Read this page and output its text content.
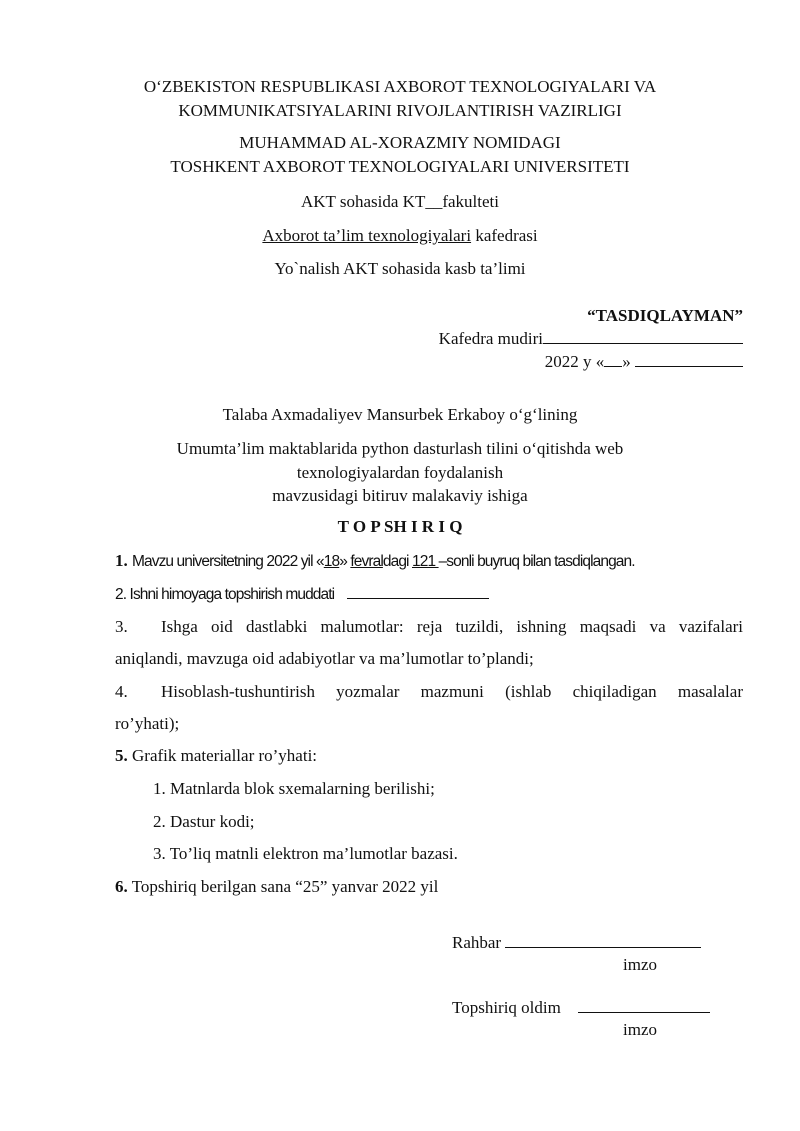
O‘ZBEKISTON RESPUBLIKASI AXBOROT TEXNOLOGIYALARI VA
KOMMUNIKATSIYALARINI RIVOJLANTIRISH VAZIRLIGI
MUHAMMAD AL-XORAZMIY NOMIDAGI
TOSHKENT AXBOROT TEXNOLOGIYALARI UNIVERSITETI
AKT sohasida KT__fakulteti
Axborot ta’lim texnologiyalari kafedrasi
Yo`nalish AKT sohasida kasb ta’limi
“TASDIQLAYMAN”
Kafedra mudiri
2022 y « »
Talaba Axmadaliyev Mansurbek Erkaboy o‘g‘lining
Umumta’lim maktablarida python dasturlash tilini o‘qitishda web
texnologiyalardan foydalanish
mavzusidagi bitiruv malakaviy ishiga
T O P SH I R I Q
1. Mavzu universitetning 2022 yil «18» fevraldagi 121 –sonli buyruq bilan tasdiqlangan.
2. Ishni himoyaga topshirish muddati
3. Ishga oid dastlabki malumotlar: reja tuzildi, ishning maqsadi va vazifalari
aniqlandi, mavzuga oid adabiyotlar va ma’lumotlar to’plandi;
4. Hisoblash-tushuntirish yozmalar mazmuni (ishlab chiqiladigan masalalar
ro’yhati);
5. Grafik materiallar ro’yhati:
1. Matnlarda blok sxemalarning berilishi;
2. Dastur kodi;
3. To’liq matnli elektron ma’lumotlar bazasi.
6. Topshiriq berilgan sana “25” yanvar 2022 yil
Rahbar
imzo
Topshiriq oldim
imzo
